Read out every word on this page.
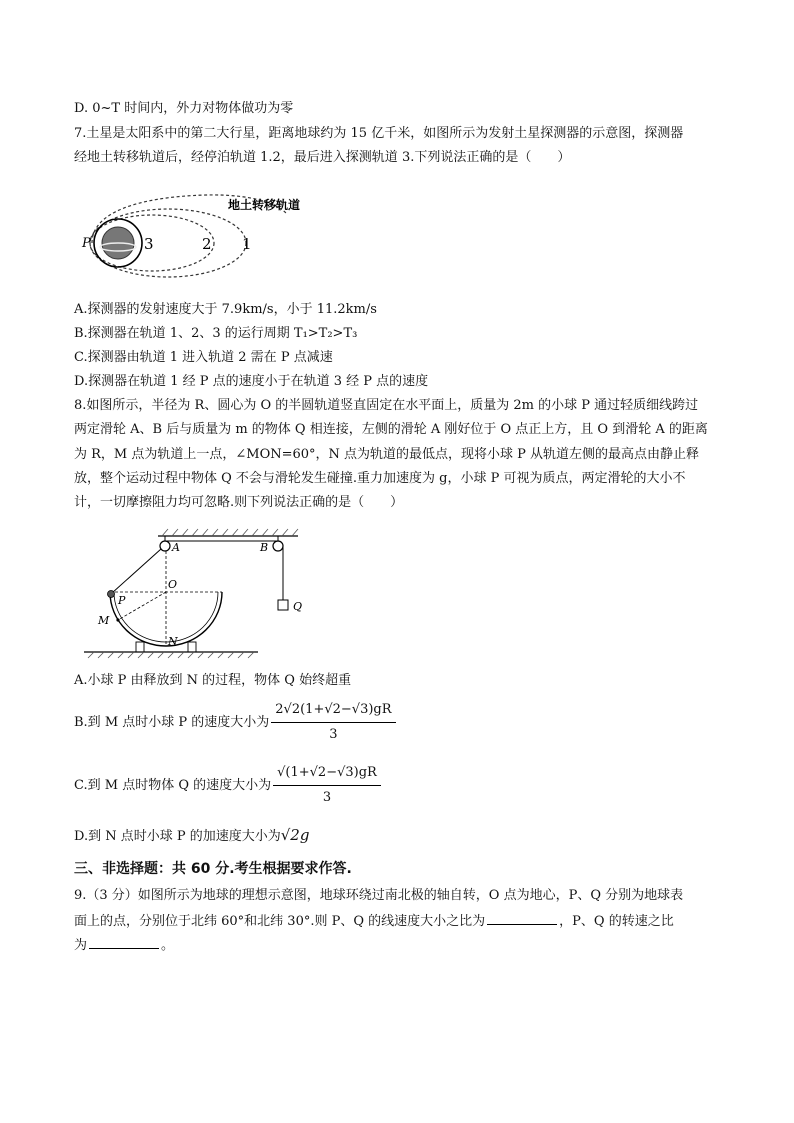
D. 0~T 时间内，外力对物体做功为零
7.土星是太阳系中的第二大行星，距离地球约为 15 亿千米，如图所示为发射土星探测器的示意图，探测器
经地土转移轨道后，经停泊轨道 1.2，最后进入探测轨道 3.下列说法正确的是（　　）
地土转移轨道
P	3	2 1
A.探测器的发射速度大于 7.9km/s，小于 11.2km/s
B.探测器在轨道 1、2、3 的运行周期 T₁>T₂>T₃
C.探测器由轨道 1 进入轨道 2 需在 P 点减速
D.探测器在轨道 1 经 P 点的速度小于在轨道 3 经 P 点的速度
8.如图所示，半径为 R、圆心为 O 的半圆轨道竖直固定在水平面上，质量为 2m 的小球 P 通过轻质细线跨过
两定滑轮 A、B 后与质量为 m 的物体 Q 相连接，左侧的滑轮 A 刚好位于 O 点正上方，且 O 到滑轮 A 的距离
为 R，M 点为轨道上一点，∠MON=60°，N 点为轨道的最低点，现将小球 P 从轨道左侧的最高点由静止释
放，整个运动过程中物体 Q 不会与滑轮发生碰撞.重力加速度为 g，小球 P 可视为质点，两定滑轮的大小不
计，一切摩擦阻力均可忽略.则下列说法正确的是（　　）
A	B
O
P
M
N
Q
A.小球 P 由释放到 N 的过程，物体 Q 始终超重
B.到 M 点时小球 P 的速度大小为 $\frac{2√2(1+√2-√3)gR}{3}$
C.到 M 点时物体 Q 的速度大小为 $\frac{√(1+√2-√3)gR}{3}$
D.到 N 点时小球 P 的加速度大小为√2g
三、非选择题：共 60 分.考生根据要求作答.
9.（3 分）如图所示为地球的理想示意图，地球环绕过南北极的轴自转，O 点为地心，P、Q 分别为地球表
面上的点，分别位于北纬 60°和北纬 30°.则 P、Q 的线速度大小之比为	，P、Q 的转速之比
为	。
